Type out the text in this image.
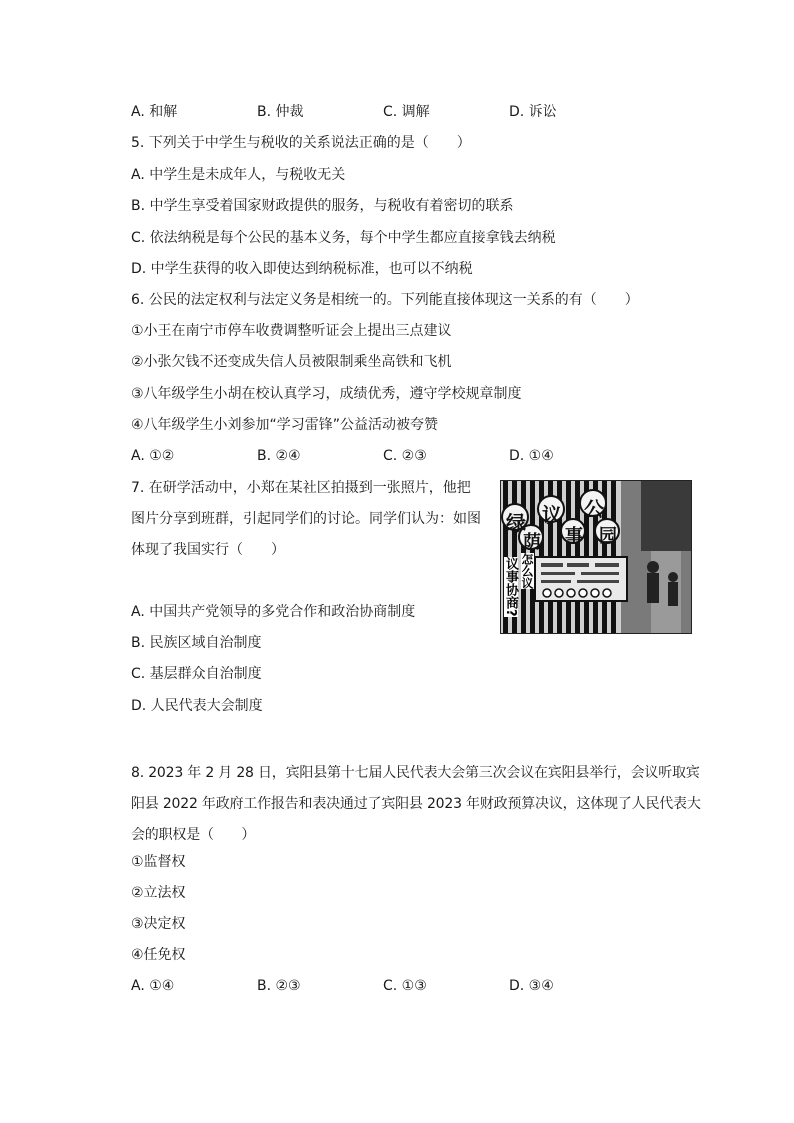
A. 和解	B. 仲裁	C. 调解	D. 诉讼
5. 下列关于中学生与税收的关系说法正确的是（　　）
A. 中学生是未成年人，与税收无关
B. 中学生享受着国家财政提供的服务，与税收有着密切的联系
C. 依法纳税是每个公民的基本义务，每个中学生都应直接拿钱去纳税
D. 中学生获得的收入即使达到纳税标准，也可以不纳税
6. 公民的法定权利与法定义务是相统一的。下列能直接体现这一关系的有（　　）
①小王在南宁市停车收费调整听证会上提出三点建议
②小张欠钱不还变成失信人员被限制乘坐高铁和飞机
③八年级学生小胡在校认真学习，成绩优秀，遵守学校规章制度
④八年级学生小刘参加“学习雷锋”公益活动被夸赞
A. ①②	B. ②④	C. ②③	D. ①④
7. 在研学活动中，小郑在某社区拍摄到一张照片，他把
图片分享到班群，引起同学们的讨论。同学们认为：如图
体现了我国实行（　　）
A. 中国共产党领导的多党合作和政治协商制度
B. 民族区域自治制度
C. 基层群众自治制度
D. 人民代表大会制度
绿 议 公
荫 事 园
议事协商? 怎么议
8. 2023 年 2 月 28 日，宾阳县第十七届人民代表大会第三次会议在宾阳县举行，会议听取宾
阳县 2022 年政府工作报告和表决通过了宾阳县 2023 年财政预算决议，这体现了人民代表大
会的职权是（　　）
①监督权
②立法权
③决定权
④任免权
A. ①④	B. ②③	C. ①③	D. ③④
